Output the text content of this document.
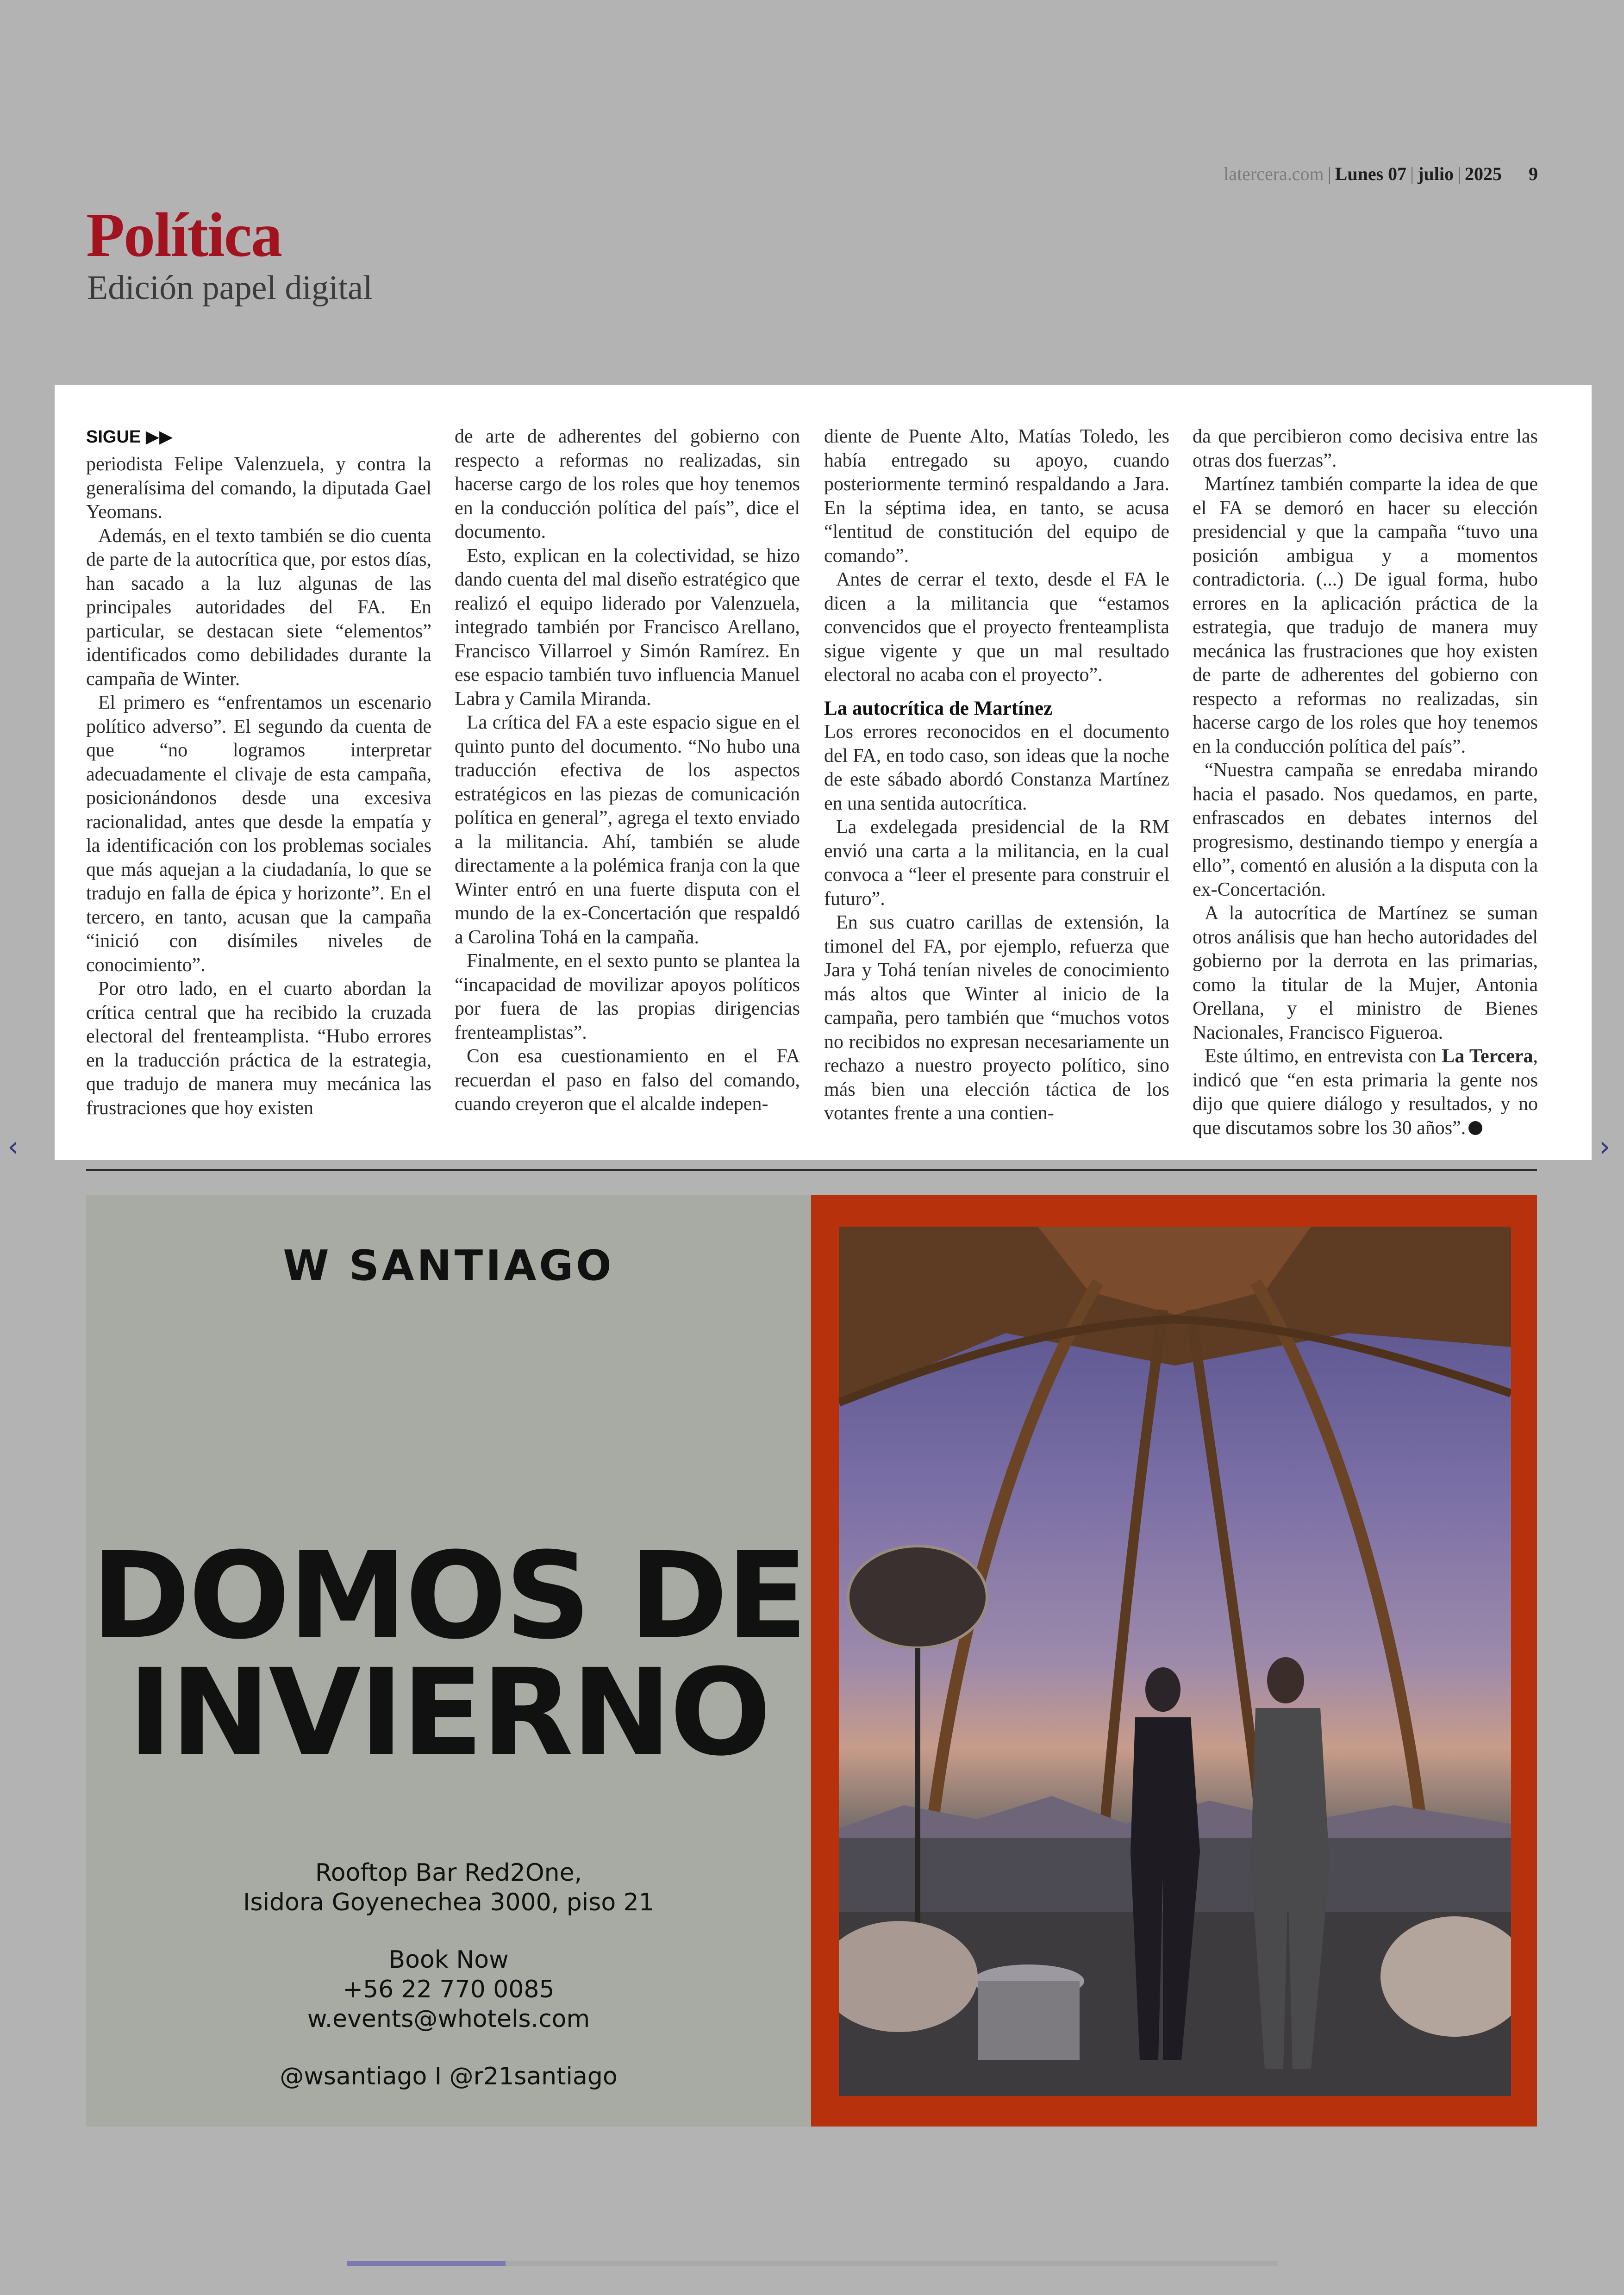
latercera.com | Lunes 07 | julio | 2025 9
Política
Edición papel digital
SIGUE ▶▶

periodista Felipe Valenzuela, y contra la generalísima del comando, la diputada Gael Yeomans.

Además, en el texto también se dio cuenta de parte de la autocrítica que, por estos días, han sacado a la luz algunas de las principales autoridades del FA. En particular, se destacan siete “elementos” identificados como debilidades durante la campaña de Winter.

El primero es “enfrentamos un escenario político adverso”. El segundo da cuenta de que “no logramos interpretar adecuadamente el clivaje de esta campaña, posicionándonos desde una excesiva racionalidad, antes que desde la empatía y la identificación con los problemas sociales que más aquejan a la ciudadanía, lo que se tradujo en falla de épica y horizonte”. En el tercero, en tanto, acusan que la campaña “inició con disímiles niveles de conocimiento”.

Por otro lado, en el cuarto abordan la crítica central que ha recibido la cruzada electoral del frenteamplista. “Hubo errores en la traducción práctica de la estrategia, que tradujo de manera muy mecánica las frustraciones que hoy existen

de arte de adherentes del gobierno con respecto a reformas no realizadas, sin hacerse cargo de los roles que hoy tenemos en la conducción política del país”, dice el documento.

Esto, explican en la colectividad, se hizo dando cuenta del mal diseño estratégico que realizó el equipo liderado por Valenzuela, integrado también por Francisco Arellano, Francisco Villarroel y Simón Ramírez. En ese espacio también tuvo influencia Manuel Labra y Camila Miranda.

La crítica del FA a este espacio sigue en el quinto punto del documento. “No hubo una traducción efectiva de los aspectos estratégicos en las piezas de comunicación política en general”, agrega el texto enviado a la militancia. Ahí, también se alude directamente a la polémica franja con la que Winter entró en una fuerte disputa con el mundo de la ex-Concertación que respaldó a Carolina Tohá en la campaña.

Finalmente, en el sexto punto se plantea la “incapacidad de movilizar apoyos políticos por fuera de las propias dirigencias frenteamplistas”.

Con esa cuestionamiento en el FA recuerdan el paso en falso del comando, cuando creyeron que el alcalde indepen-

diente de Puente Alto, Matías Toledo, les había entregado su apoyo, cuando posteriormente terminó respaldando a Jara. En la séptima idea, en tanto, se acusa “lentitud de constitución del equipo de comando”.

Antes de cerrar el texto, desde el FA le dicen a la militancia que “estamos convencidos que el proyecto frenteamplista sigue vigente y que un mal resultado electoral no acaba con el proyecto”.

La autocrítica de Martínez

Los errores reconocidos en el documento del FA, en todo caso, son ideas que la noche de este sábado abordó Constanza Martínez en una sentida autocrítica.

La exdelegada presidencial de la RM envió una carta a la militancia, en la cual convoca a “leer el presente para construir el futuro”.

En sus cuatro carillas de extensión, la timonel del FA, por ejemplo, refuerza que Jara y Tohá tenían niveles de conocimiento más altos que Winter al inicio de la campaña, pero también que “muchos votos no recibidos no expresan necesariamente un rechazo a nuestro proyecto político, sino más bien una elección táctica de los votantes frente a una contien-

da que percibieron como decisiva entre las otras dos fuerzas”.

Martínez también comparte la idea de que el FA se demoró en hacer su elección presidencial y que la campaña “tuvo una posición ambigua y a momentos contradictoria. (...) De igual forma, hubo errores en la aplicación práctica de la estrategia, que tradujo de manera muy mecánica las frustraciones que hoy existen de parte de adherentes del gobierno con respecto a reformas no realizadas, sin hacerse cargo de los roles que hoy tenemos en la conducción política del país”.

“Nuestra campaña se enredaba mirando hacia el pasado. Nos quedamos, en parte, enfrascados en debates internos del progresismo, destinando tiempo y energía a ello”, comentó en alusión a la disputa con la ex-Concertación.

A la autocrítica de Martínez se suman otros análisis que han hecho autoridades del gobierno por la derrota en las primarias, como la titular de la Mujer, Antonia Orellana, y el ministro de Bienes Nacionales, Francisco Figueroa.

Este último, en entrevista con La Tercera, indicó que “en esta primaria la gente nos dijo que quiere diálogo y resultados, y no que discutamos sobre los 30 años”.

‹	›
W SANTIAGO
DOMOS DE
INVIERNO
Rooftop Bar Red2One,
Isidora Goyenechea 3000, piso 21
Book Now
+56 22 770 0085
w.events@whotels.com
@wsantiago I @r21santiago
